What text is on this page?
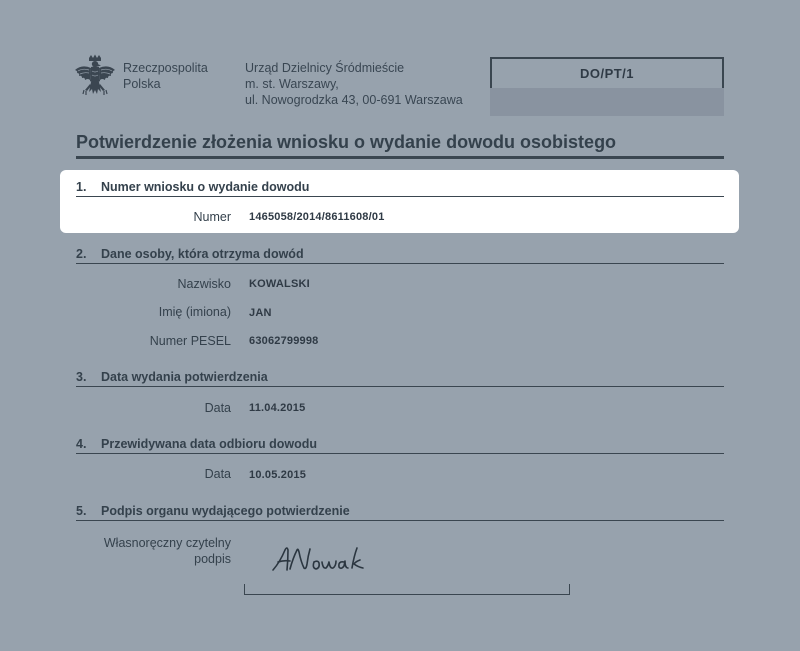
Rzeczpospolita
Polska
Urząd Dzielnicy Śródmieście
m. st. Warszawy,
ul. Nowogrodzka 43, 00-691 Warszawa
DO/PT/1
Potwierdzenie złożenia wniosku o wydanie dowodu osobistego
1. Numer wniosku o wydanie dowodu
Numer 1465058/2014/8611608/01
2. Dane osoby, która otrzyma dowód
Nazwisko KOWALSKI
Imię (imiona) JAN
Numer PESEL 63062799998
3. Data wydania potwierdzenia
Data 11.04.2015
4. Przewidywana data odbioru dowodu
Data 10.05.2015
5. Podpis organu wydającego potwierdzenie
Własnoręczny czytelny
podpis
